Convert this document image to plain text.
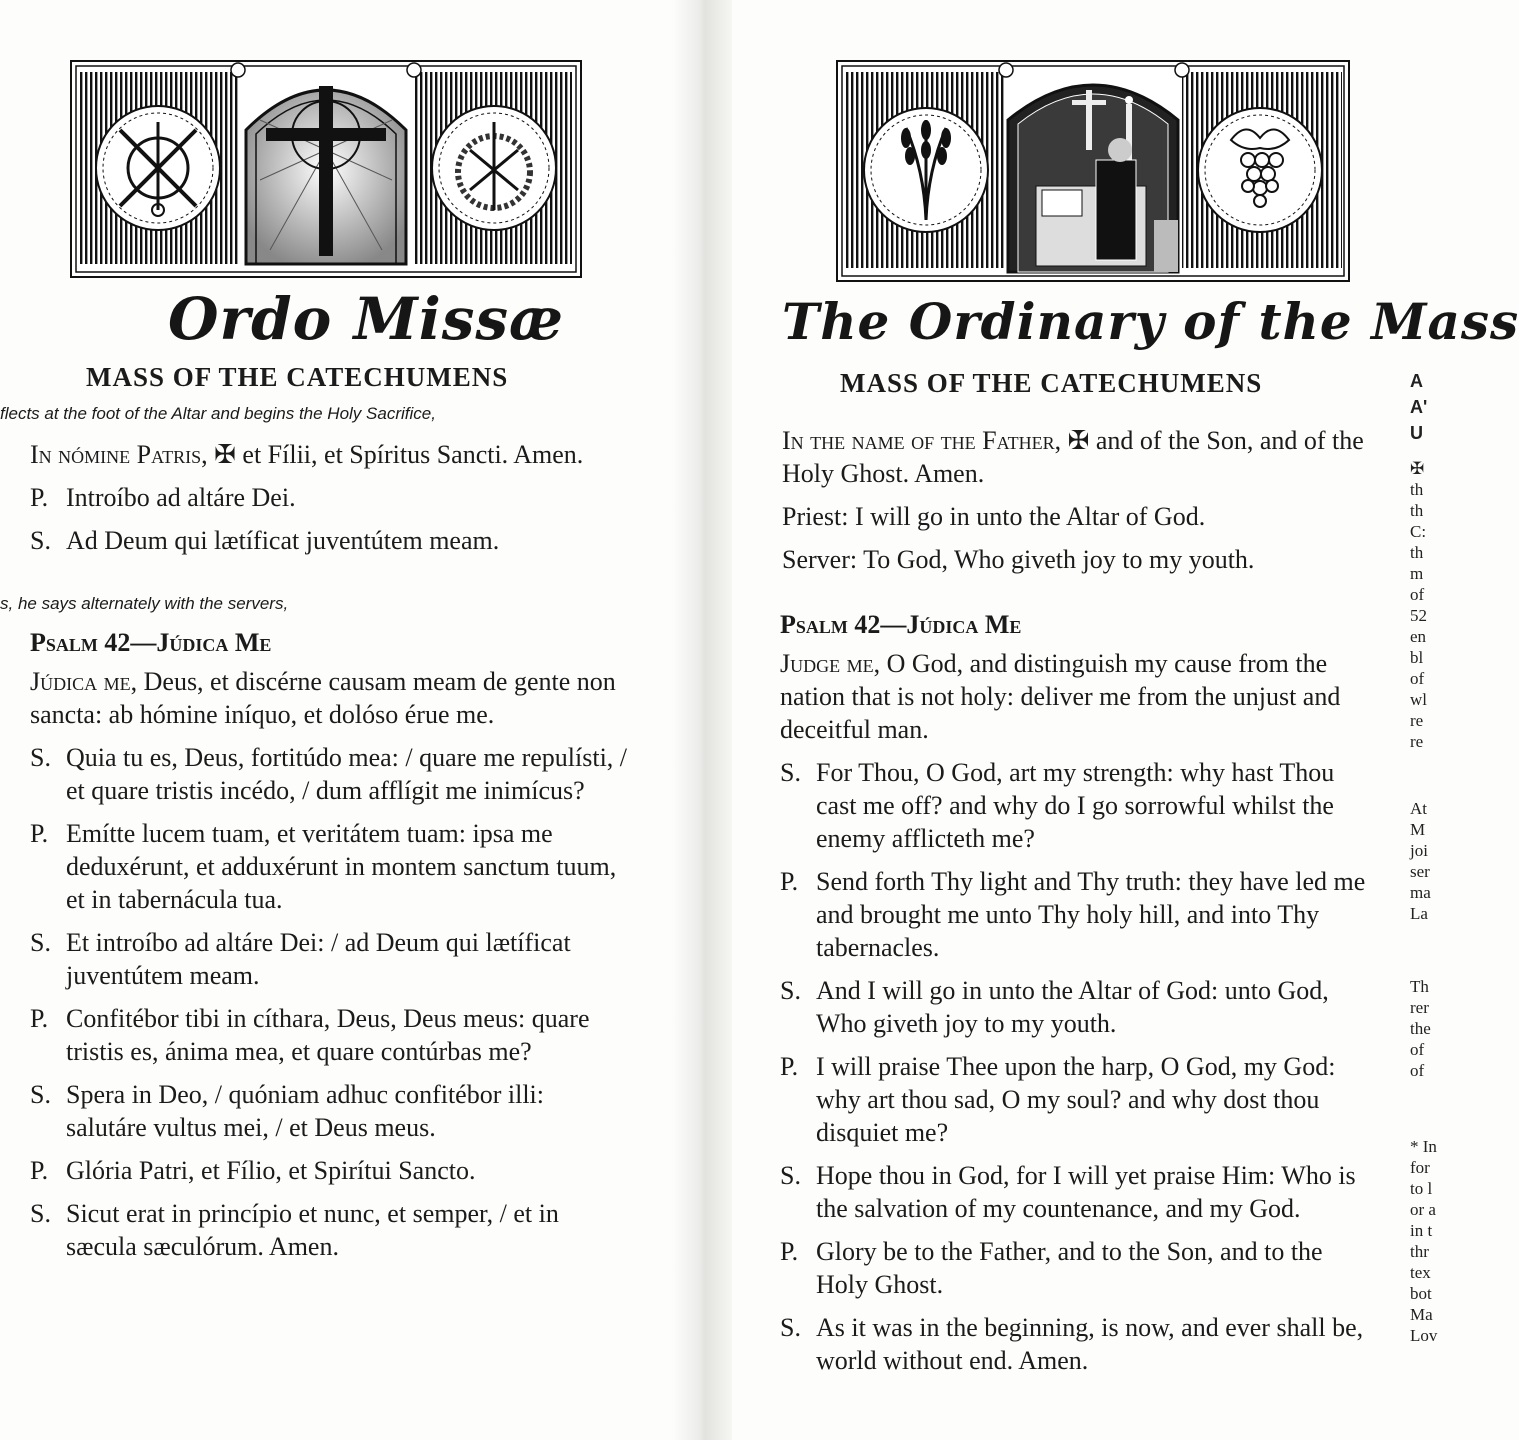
Ordo Missæ
MASS OF THE CATECHUMENS
flects at the foot of the Altar and begins the Holy Sacrifice,

In nómine Patris, ✠ et Fílii, et Spíritus Sancti. Amen.

P. Introíbo ad altáre Dei.

S. Ad Deum qui lætíficat juventútem meam.

s, he says alternately with the servers,

Psalm 42—Júdica Me

Júdica me, Deus, et discérne causam meam de gente non sancta: ab hómine iníquo, et dolóso érue me.

S. Quia tu es, Deus, fortitúdo mea: / quare me repulísti, / et quare tristis incédo, / dum afflígit me inimícus?

P. Emítte lucem tuam, et veritátem tuam: ipsa me deduxérunt, et adduxérunt in montem sanctum tuum, et in tabernácula tua.

S. Et introíbo ad altáre Dei: / ad Deum qui lætíficat juventútem meam.

P. Confitébor tibi in cíthara, Deus, Deus meus: quare tristis es, ánima mea, et quare contúrbas me?

S. Spera in Deo, / quóniam adhuc confitébor illi: salutáre vultus mei, / et Deus meus.

P. Glória Patri, et Fílio, et Spirítui Sancto.

S. Sicut erat in princípio et nunc, et semper, / et in sæcula sæculórum. Amen.

The Ordinary of the Mass
MASS OF THE CATECHUMENS

In the name of the Father, ✠ and of the Son, and of the Holy Ghost. Amen.

Priest: I will go in unto the Altar of God.

Server: To God, Who giveth joy to my youth.

Psalm 42—Júdica Me

Judge me, O God, and distinguish my cause from the nation that is not holy: deliver me from the unjust and deceitful man.

S. For Thou, O God, art my strength: why hast Thou cast me off? and why do I go sorrowful whilst the enemy afflicteth me?

P. Send forth Thy light and Thy truth: they have led me and brought me unto Thy holy hill, and into Thy tabernacles.

S. And I will go in unto the Altar of God: unto God, Who giveth joy to my youth.

P. I will praise Thee upon the harp, O God, my God: why art thou sad, O my soul? and why dost thou disquiet me?

S. Hope thou in God, for I will yet praise Him: Who is the salvation of my countenance, and my God.

P. Glory be to the Father, and to the Son, and to the Holy Ghost.

S. As it was in the beginning, is now, and ever shall be, world without end. Amen.

A
A'
U
✠
th
th
C:
th
m
of
52
en
bl
of
wl
re
re
At
M
joi
ser
ma
La
Th
rer
the
of
of
* In
for
to l
or a
in t
thr
tex
bot
Ma
Lov
